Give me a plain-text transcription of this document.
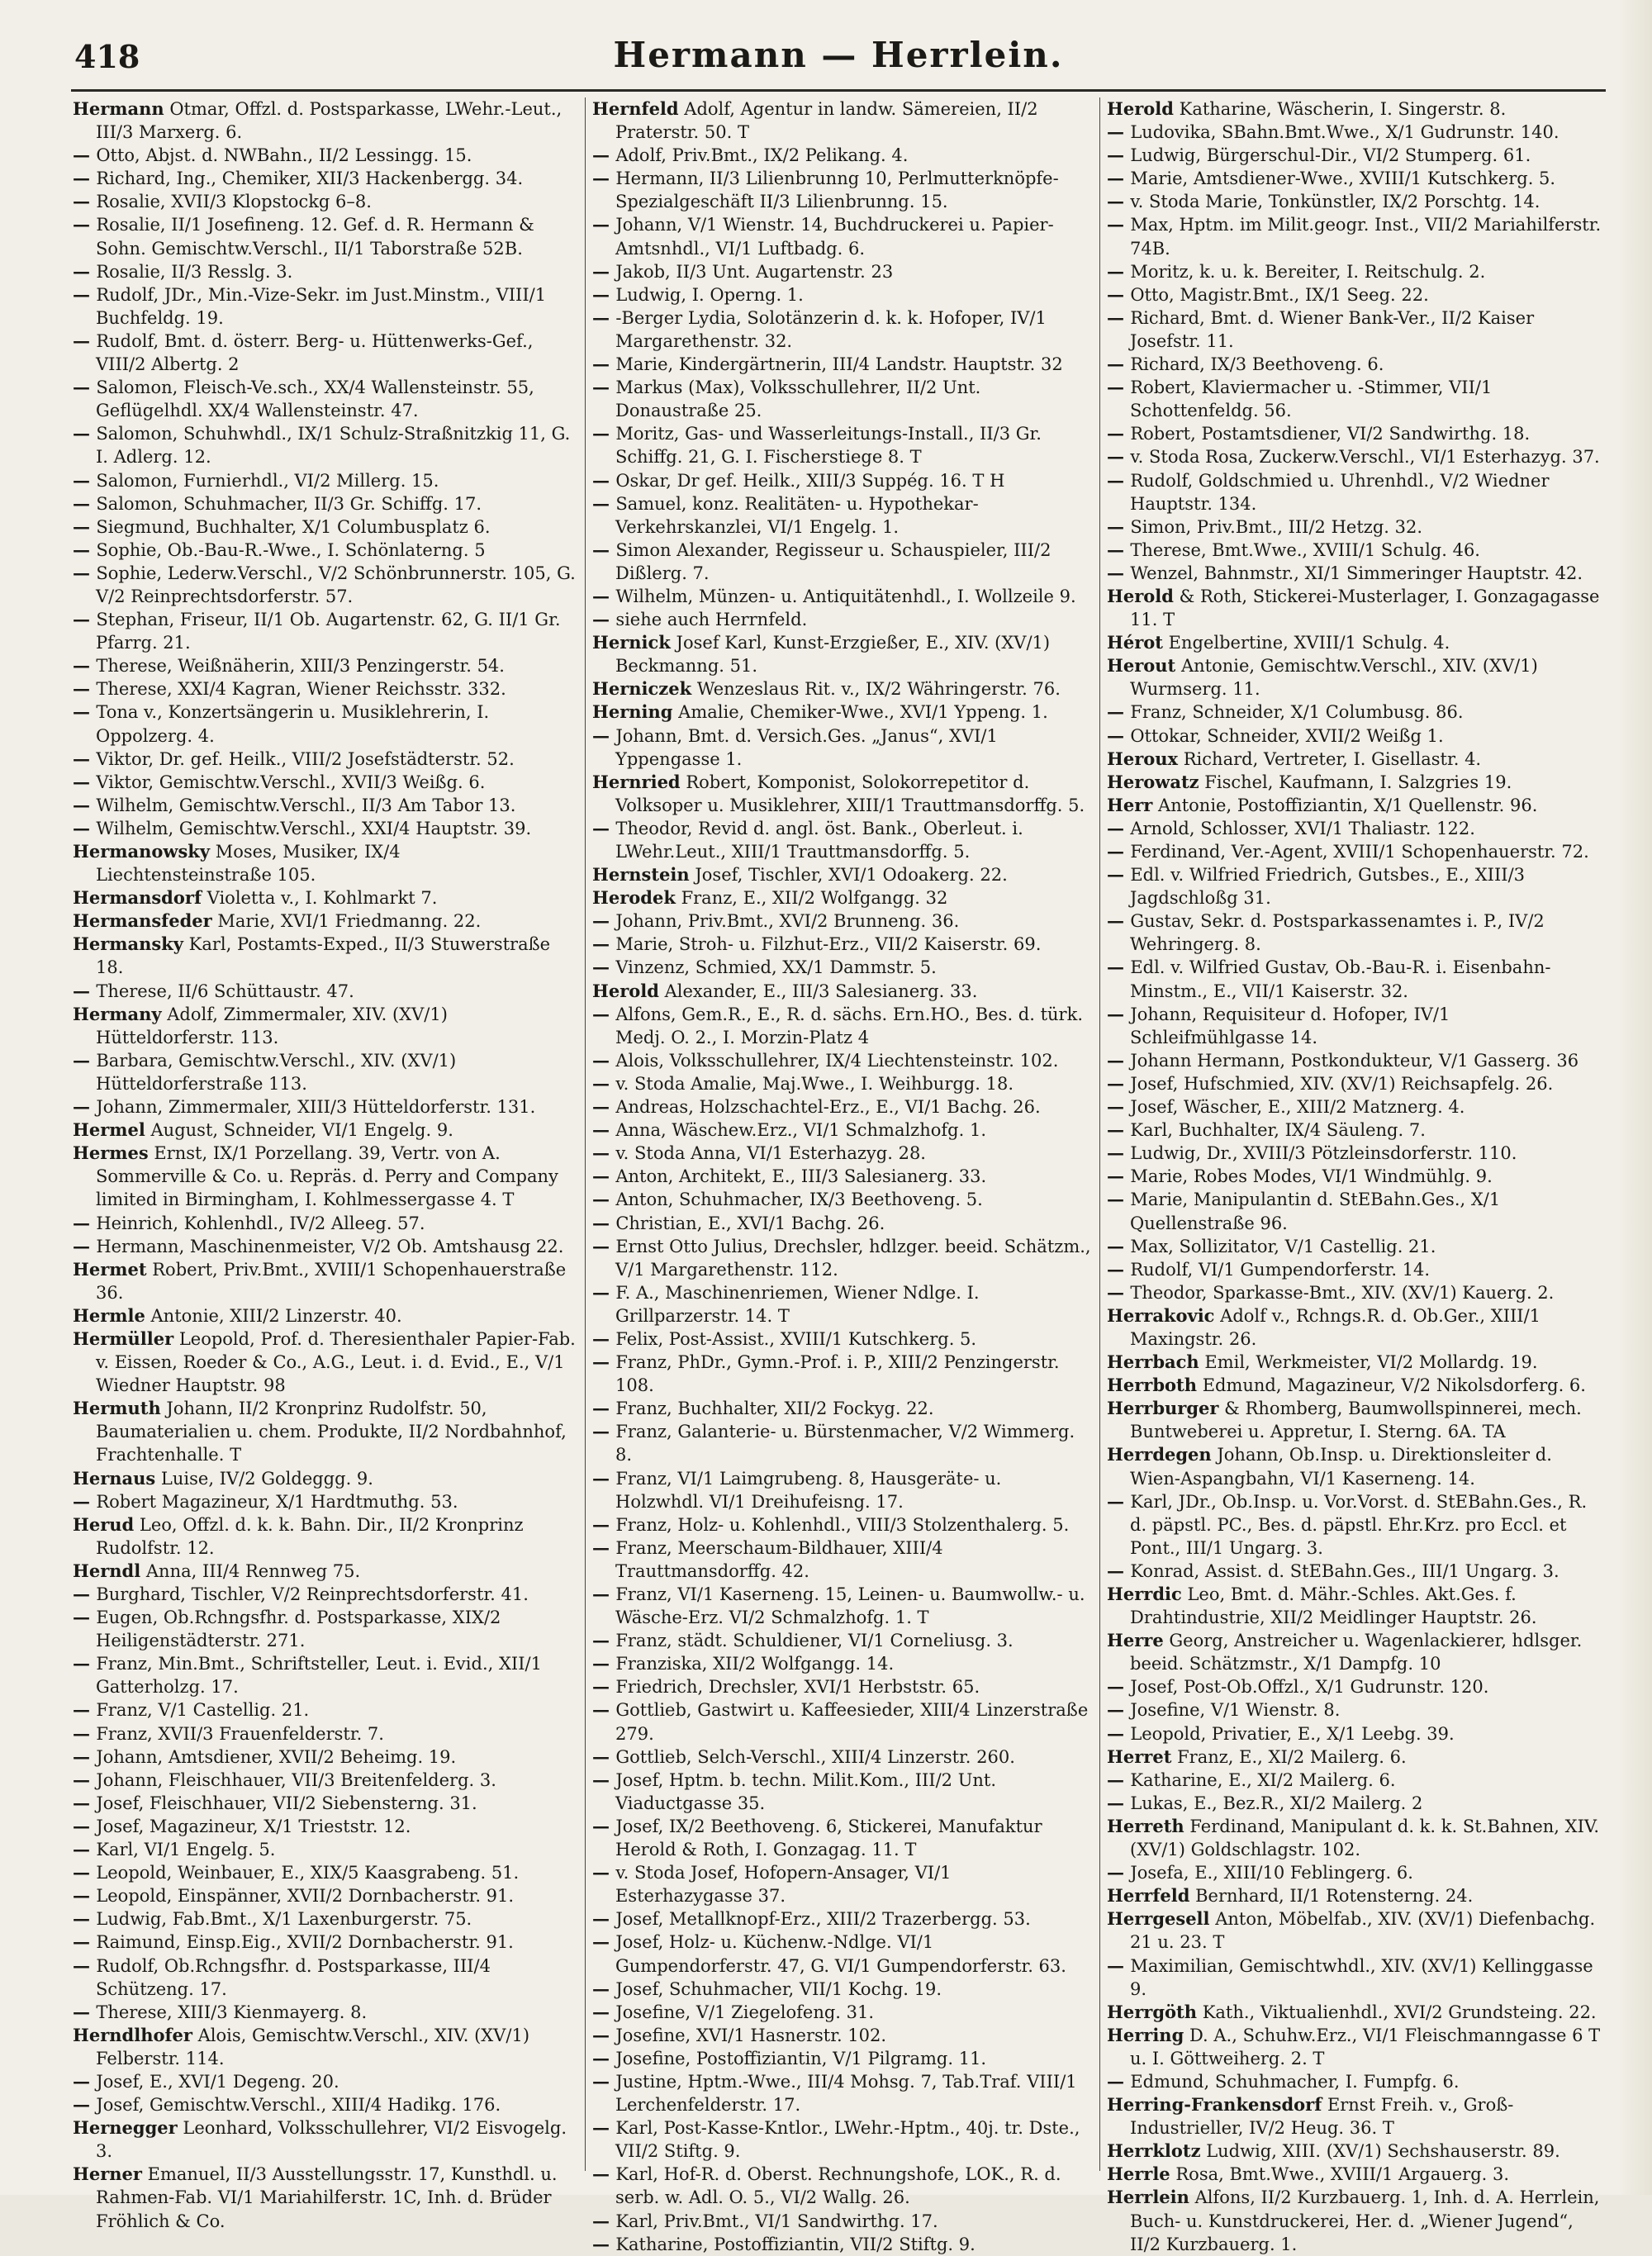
418	Hermann — Herrlein.

Hermann Otmar, Offzl. d. Postsparkasse, LWehr.-Leut., III/3 Marxerg. 6.

— Otto, Abjst. d. NWBahn., II/2 Lessingg. 15.

— Richard, Ing., Chemiker, XII/3 Hackenbergg. 34.

— Rosalie, XVII/3 Klopstockg 6–8.

— Rosalie, II/1 Josefineng. 12. Gef. d. R. Hermann & Sohn. Gemischtw.Verschl., II/1 Taborstraße 52B.

— Rosalie, II/3 Resslg. 3.

— Rudolf, JDr., Min.-Vize-Sekr. im Just.Minstm., VIII/1 Buchfeldg. 19.

— Rudolf, Bmt. d. österr. Berg- u. Hüttenwerks-Gef., VIII/2 Albertg. 2

— Salomon, Fleisch-Ve.sch., XX/4 Wallensteinstr. 55, Geflügelhdl. XX/4 Wallensteinstr. 47.

— Salomon, Schuhwhdl., IX/1 Schulz-Straßnitzkig 11, G. I. Adlerg. 12.

— Salomon, Furnierhdl., VI/2 Millerg. 15.

— Salomon, Schuhmacher, II/3 Gr. Schiffg. 17.

— Siegmund, Buchhalter, X/1 Columbusplatz 6.

— Sophie, Ob.-Bau-R.-Wwe., I. Schönlaterng. 5

— Sophie, Lederw.Verschl., V/2 Schönbrunnerstr. 105, G. V/2 Reinprechtsdorferstr. 57.

— Stephan, Friseur, II/1 Ob. Augartenstr. 62, G. II/1 Gr. Pfarrg. 21.

— Therese, Weißnäherin, XIII/3 Penzingerstr. 54.

— Therese, XXI/4 Kagran, Wiener Reichsstr. 332.

— Tona v., Konzertsängerin u. Musiklehrerin, I. Oppolzerg. 4.

— Viktor, Dr. gef. Heilk., VIII/2 Josefstädterstr. 52.

— Viktor, Gemischtw.Verschl., XVII/3 Weißg. 6.

— Wilhelm, Gemischtw.Verschl., II/3 Am Tabor 13.

— Wilhelm, Gemischtw.Verschl., XXI/4 Hauptstr. 39.

Hermanowsky Moses, Musiker, IX/4 Liechtensteinstraße 105.

Hermansdorf Violetta v., I. Kohlmarkt 7.

Hermansfeder Marie, XVI/1 Friedmanng. 22.

Hermansky Karl, Postamts-Exped., II/3 Stuwerstraße 18.

— Therese, II/6 Schüttaustr. 47.

Hermany Adolf, Zimmermaler, XIV. (XV/1) Hütteldorferstr. 113.

— Barbara, Gemischtw.Verschl., XIV. (XV/1) Hütteldorferstraße 113.

— Johann, Zimmermaler, XIII/3 Hütteldorferstr. 131.

Hermel August, Schneider, VI/1 Engelg. 9.

Hermes Ernst, IX/1 Porzellang. 39, Vertr. von A. Sommerville & Co. u. Repräs. d. Perry and Company limited in Birmingham, I. Kohlmessergasse 4. T

— Heinrich, Kohlenhdl., IV/2 Alleeg. 57.

— Hermann, Maschinenmeister, V/2 Ob. Amtshausg 22.

Hermet Robert, Priv.Bmt., XVIII/1 Schopenhauerstraße 36.

Hermle Antonie, XIII/2 Linzerstr. 40.

Hermüller Leopold, Prof. d. Theresienthaler Papier-Fab. v. Eissen, Roeder & Co., A.G., Leut. i. d. Evid., E., V/1 Wiedner Hauptstr. 98

Hermuth Johann, II/2 Kronprinz Rudolfstr. 50, Baumaterialien u. chem. Produkte, II/2 Nordbahnhof, Frachtenhalle. T

Hernaus Luise, IV/2 Goldeggg. 9.

— Robert Magazineur, X/1 Hardtmuthg. 53.

Herud Leo, Offzl. d. k. k. Bahn. Dir., II/2 Kronprinz Rudolfstr. 12.

Herndl Anna, III/4 Rennweg 75.

— Burghard, Tischler, V/2 Reinprechtsdorferstr. 41.

— Eugen, Ob.Rchngsfhr. d. Postsparkasse, XIX/2 Heiligenstädterstr. 271.

— Franz, Min.Bmt., Schriftsteller, Leut. i. Evid., XII/1 Gatterholzg. 17.

— Franz, V/1 Castellig. 21.

— Franz, XVII/3 Frauenfelderstr. 7.

— Johann, Amtsdiener, XVII/2 Beheimg. 19.

— Johann, Fleischhauer, VII/3 Breitenfelderg. 3.

— Josef, Fleischhauer, VII/2 Siebensterng. 31.

— Josef, Magazineur, X/1 Trieststr. 12.

— Karl, VI/1 Engelg. 5.

— Leopold, Weinbauer, E., XIX/5 Kaasgrabeng. 51.

— Leopold, Einspänner, XVII/2 Dornbacherstr. 91.

— Ludwig, Fab.Bmt., X/1 Laxenburgerstr. 75.

— Raimund, Einsp.Eig., XVII/2 Dornbacherstr. 91.

— Rudolf, Ob.Rchngsfhr. d. Postsparkasse, III/4 Schützeng. 17.

— Therese, XIII/3 Kienmayerg. 8.

Herndlhofer Alois, Gemischtw.Verschl., XIV. (XV/1) Felberstr. 114.

— Josef, E., XVI/1 Degeng. 20.

— Josef, Gemischtw.Verschl., XIII/4 Hadikg. 176.

Hernegger Leonhard, Volksschullehrer, VI/2 Eisvogelg. 3.

Herner Emanuel, II/3 Ausstellungsstr. 17, Kunsthdl. u. Rahmen-Fab. VI/1 Mariahilferstr. 1C, Inh. d. Brüder Fröhlich & Co.

Hernfeld Adolf, Agentur in landw. Sämereien, II/2 Praterstr. 50. T

— Adolf, Priv.Bmt., IX/2 Pelikang. 4.

— Hermann, II/3 Lilienbrunng 10, Perlmutterknöpfe-Spezialgeschäft II/3 Lilienbrunng. 15.

— Johann, V/1 Wienstr. 14, Buchdruckerei u. Papier-Amtsnhdl., VI/1 Luftbadg. 6.

— Jakob, II/3 Unt. Augartenstr. 23

— Ludwig, I. Operng. 1.

— -Berger Lydia, Solotänzerin d. k. k. Hofoper, IV/1 Margarethenstr. 32.

— Marie, Kindergärtnerin, III/4 Landstr. Hauptstr. 32

— Markus (Max), Volksschullehrer, II/2 Unt. Donaustraße 25.

— Moritz, Gas- und Wasserleitungs-Install., II/3 Gr. Schiffg. 21, G. I. Fischerstiege 8. T

— Oskar, Dr gef. Heilk., XIII/3 Suppég. 16. T H

— Samuel, konz. Realitäten- u. Hypothekar-Verkehrskanzlei, VI/1 Engelg. 1.

— Simon Alexander, Regisseur u. Schauspieler, III/2 Dißlerg. 7.

— Wilhelm, Münzen- u. Antiquitätenhdl., I. Wollzeile 9.

— siehe auch Herrnfeld.

Hernick Josef Karl, Kunst-Erzgießer, E., XIV. (XV/1) Beckmanng. 51.

Herniczek Wenzeslaus Rit. v., IX/2 Währingerstr. 76.

Herning Amalie, Chemiker-Wwe., XVI/1 Yppeng. 1.

— Johann, Bmt. d. Versich.Ges. „Janus“, XVI/1 Yppengasse 1.

Hernried Robert, Komponist, Solokorrepetitor d. Volksoper u. Musiklehrer, XIII/1 Trauttmansdorffg. 5.

— Theodor, Revid d. angl. öst. Bank., Oberleut. i. LWehr.Leut., XIII/1 Trauttmansdorffg. 5.

Hernstein Josef, Tischler, XVI/1 Odoakerg. 22.

Herodek Franz, E., XII/2 Wolfgangg. 32

— Johann, Priv.Bmt., XVI/2 Brunneng. 36.

— Marie, Stroh- u. Filzhut-Erz., VII/2 Kaiserstr. 69.

— Vinzenz, Schmied, XX/1 Dammstr. 5.

Herold Alexander, E., III/3 Salesianerg. 33.

— Alfons, Gem.R., E., R. d. sächs. Ern.HO., Bes. d. türk. Medj. O. 2., I. Morzin-Platz 4

— Alois, Volksschullehrer, IX/4 Liechtensteinstr. 102.

— v. Stoda Amalie, Maj.Wwe., I. Weihburgg. 18.

— Andreas, Holzschachtel-Erz., E., VI/1 Bachg. 26.

— Anna, Wäschew.Erz., VI/1 Schmalzhofg. 1.

— v. Stoda Anna, VI/1 Esterhazyg. 28.

— Anton, Architekt, E., III/3 Salesianerg. 33.

— Anton, Schuhmacher, IX/3 Beethoveng. 5.

— Christian, E., XVI/1 Bachg. 26.

— Ernst Otto Julius, Drechsler, hdlzger. beeid. Schätzm., V/1 Margarethenstr. 112.

— F. A., Maschinenriemen, Wiener Ndlge. I. Grillparzerstr. 14. T

— Felix, Post-Assist., XVIII/1 Kutschkerg. 5.

— Franz, PhDr., Gymn.-Prof. i. P., XIII/2 Penzingerstr. 108.

— Franz, Buchhalter, XII/2 Fockyg. 22.

— Franz, Galanterie- u. Bürstenmacher, V/2 Wimmerg. 8.

— Franz, VI/1 Laimgrubeng. 8, Hausgeräte- u. Holzwhdl. VI/1 Dreihufeisng. 17.

— Franz, Holz- u. Kohlenhdl., VIII/3 Stolzenthalerg. 5.

— Franz, Meerschaum-Bildhauer, XIII/4 Trauttmansdorffg. 42.

— Franz, VI/1 Kaserneng. 15, Leinen- u. Baumwollw.- u. Wäsche-Erz. VI/2 Schmalzhofg. 1. T

— Franz, städt. Schuldiener, VI/1 Corneliusg. 3.

— Franziska, XII/2 Wolfgangg. 14.

— Friedrich, Drechsler, XVI/1 Herbststr. 65.

— Gottlieb, Gastwirt u. Kaffeesieder, XIII/4 Linzerstraße 279.

— Gottlieb, Selch-Verschl., XIII/4 Linzerstr. 260.

— Josef, Hptm. b. techn. Milit.Kom., III/2 Unt. Viaductgasse 35.

— Josef, IX/2 Beethoveng. 6, Stickerei, Manufaktur Herold & Roth, I. Gonzagag. 11. T

— v. Stoda Josef, Hofopern-Ansager, VI/1 Esterhazygasse 37.

— Josef, Metallknopf-Erz., XIII/2 Trazerbergg. 53.

— Josef, Holz- u. Küchenw.-Ndlge. VI/1 Gumpendorferstr. 47, G. VI/1 Gumpendorferstr. 63.

— Josef, Schuhmacher, VII/1 Kochg. 19.

— Josefine, V/1 Ziegelofeng. 31.

— Josefine, XVI/1 Hasnerstr. 102.

— Josefine, Postoffiziantin, V/1 Pilgramg. 11.

— Justine, Hptm.-Wwe., III/4 Mohsg. 7, Tab.Traf. VIII/1 Lerchenfelderstr. 17.

— Karl, Post-Kasse-Kntlor., LWehr.-Hptm., 40j. tr. Dste., VII/2 Stiftg. 9.

— Karl, Hof-R. d. Oberst. Rechnungshofe, LOK., R. d. serb. w. Adl. O. 5., VI/2 Wallg. 26.

— Karl, Priv.Bmt., VI/1 Sandwirthg. 17.

— Katharine, Postoffiziantin, VII/2 Stiftg. 9.

Herold Katharine, Wäscherin, I. Singerstr. 8.

— Ludovika, SBahn.Bmt.Wwe., X/1 Gudrunstr. 140.

— Ludwig, Bürgerschul-Dir., VI/2 Stumperg. 61.

— Marie, Amtsdiener-Wwe., XVIII/1 Kutschkerg. 5.

— v. Stoda Marie, Tonkünstler, IX/2 Porschtg. 14.

— Max, Hptm. im Milit.geogr. Inst., VII/2 Mariahilferstr. 74B.

— Moritz, k. u. k. Bereiter, I. Reitschulg. 2.

— Otto, Magistr.Bmt., IX/1 Seeg. 22.

— Richard, Bmt. d. Wiener Bank-Ver., II/2 Kaiser Josefstr. 11.

— Richard, IX/3 Beethoveng. 6.

— Robert, Klaviermacher u. -Stimmer, VII/1 Schottenfeldg. 56.

— Robert, Postamtsdiener, VI/2 Sandwirthg. 18.

— v. Stoda Rosa, Zuckerw.Verschl., VI/1 Esterhazyg. 37.

— Rudolf, Goldschmied u. Uhrenhdl., V/2 Wiedner Hauptstr. 134.

— Simon, Priv.Bmt., III/2 Hetzg. 32.

— Therese, Bmt.Wwe., XVIII/1 Schulg. 46.

— Wenzel, Bahnmstr., XI/1 Simmeringer Hauptstr. 42.

Herold & Roth, Stickerei-Musterlager, I. Gonzagagasse 11. T

Hérot Engelbertine, XVIII/1 Schulg. 4.

Herout Antonie, Gemischtw.Verschl., XIV. (XV/1) Wurmserg. 11.

— Franz, Schneider, X/1 Columbusg. 86.

— Ottokar, Schneider, XVII/2 Weißg 1.

Heroux Richard, Vertreter, I. Gisellastr. 4.

Herowatz Fischel, Kaufmann, I. Salzgries 19.

Herr Antonie, Postoffiziantin, X/1 Quellenstr. 96.

— Arnold, Schlosser, XVI/1 Thaliastr. 122.

— Ferdinand, Ver.-Agent, XVIII/1 Schopenhauerstr. 72.

— Edl. v. Wilfried Friedrich, Gutsbes., E., XIII/3 Jagdschloßg 31.

— Gustav, Sekr. d. Postsparkassenamtes i. P., IV/2 Wehringerg. 8.

— Edl. v. Wilfried Gustav, Ob.-Bau-R. i. Eisenbahn-Minstm., E., VII/1 Kaiserstr. 32.

— Johann, Requisiteur d. Hofoper, IV/1 Schleifmühlgasse 14.

— Johann Hermann, Postkondukteur, V/1 Gasserg. 36

— Josef, Hufschmied, XIV. (XV/1) Reichsapfelg. 26.

— Josef, Wäscher, E., XIII/2 Matznerg. 4.

— Karl, Buchhalter, IX/4 Säuleng. 7.

— Ludwig, Dr., XVIII/3 Pötzleinsdorferstr. 110.

— Marie, Robes Modes, VI/1 Windmühlg. 9.

— Marie, Manipulantin d. StEBahn.Ges., X/1 Quellenstraße 96.

— Max, Sollizitator, V/1 Castellig. 21.

— Rudolf, VI/1 Gumpendorferstr. 14.

— Theodor, Sparkasse-Bmt., XIV. (XV/1) Kauerg. 2.

Herrakovic Adolf v., Rchngs.R. d. Ob.Ger., XIII/1 Maxingstr. 26.

Herrbach Emil, Werkmeister, VI/2 Mollardg. 19.

Herrboth Edmund, Magazineur, V/2 Nikolsdorferg. 6.

Herrburger & Rhomberg, Baumwollspinnerei, mech. Buntweberei u. Appretur, I. Sterng. 6A. TA

Herrdegen Johann, Ob.Insp. u. Direktionsleiter d. Wien-Aspangbahn, VI/1 Kaserneng. 14.

— Karl, JDr., Ob.Insp. u. Vor.Vorst. d. StEBahn.Ges., R. d. päpstl. PC., Bes. d. päpstl. Ehr.Krz. pro Eccl. et Pont., III/1 Ungarg. 3.

— Konrad, Assist. d. StEBahn.Ges., III/1 Ungarg. 3.

Herrdic Leo, Bmt. d. Mähr.-Schles. Akt.Ges. f. Drahtindustrie, XII/2 Meidlinger Hauptstr. 26.

Herre Georg, Anstreicher u. Wagenlackierer, hdlsger. beeid. Schätzmstr., X/1 Dampfg. 10

— Josef, Post-Ob.Offzl., X/1 Gudrunstr. 120.

— Josefine, V/1 Wienstr. 8.

— Leopold, Privatier, E., X/1 Leebg. 39.

Herret Franz, E., XI/2 Mailerg. 6.

— Katharine, E., XI/2 Mailerg. 6.

— Lukas, E., Bez.R., XI/2 Mailerg. 2

Herreth Ferdinand, Manipulant d. k. k. St.Bahnen, XIV. (XV/1) Goldschlagstr. 102.

— Josefa, E., XIII/10 Feblingerg. 6.

Herrfeld Bernhard, II/1 Rotensterng. 24.

Herrgesell Anton, Möbelfab., XIV. (XV/1) Diefenbachg. 21 u. 23. T

— Maximilian, Gemischtwhdl., XIV. (XV/1) Kellinggasse 9.

Herrgöth Kath., Viktualienhdl., XVI/2 Grundsteing. 22.

Herring D. A., Schuhw.Erz., VI/1 Fleischmanngasse 6 T u. I. Göttweiherg. 2. T

— Edmund, Schuhmacher, I. Fumpfg. 6.

Herring-Frankensdorf Ernst Freih. v., Groß-Industrieller, IV/2 Heug. 36. T

Herrklotz Ludwig, XIII. (XV/1) Sechshauserstr. 89.

Herrle Rosa, Bmt.Wwe., XVIII/1 Argauerg. 3.

Herrlein Alfons, II/2 Kurzbauerg. 1, Inh. d. A. Herrlein, Buch- u. Kunstdruckerei, Her. d. „Wiener Jugend“, II/2 Kurzbauerg. 1.
